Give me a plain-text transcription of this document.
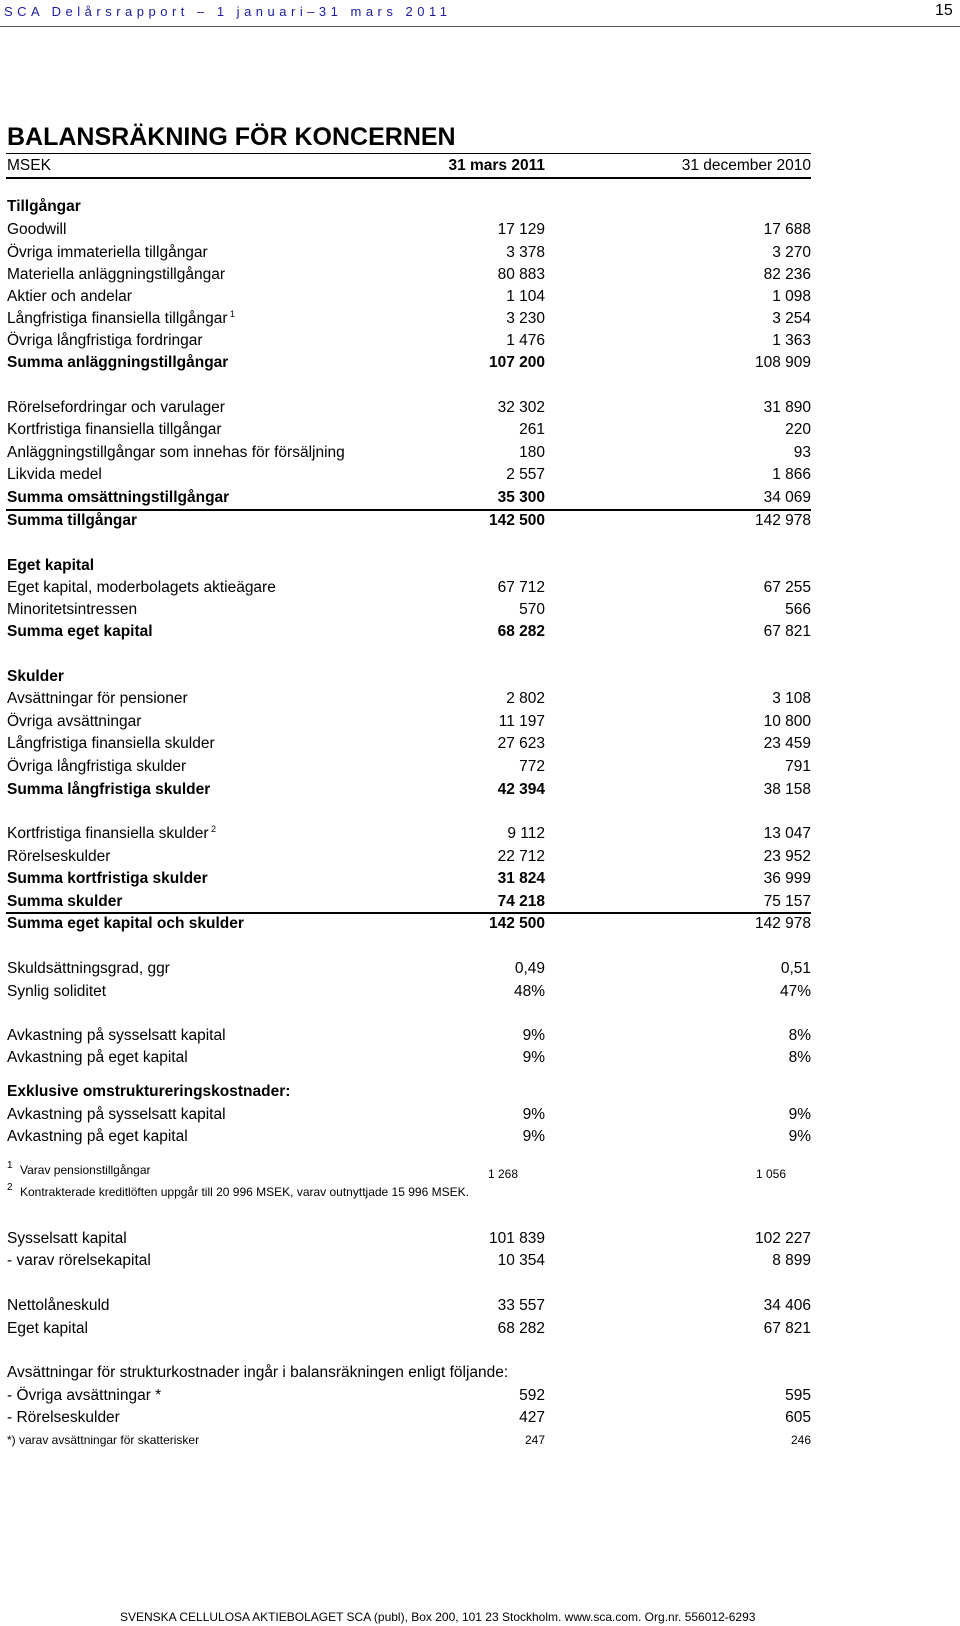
SCA Delårsrapport – 1 januari–31 mars 2011	15
BALANSRÄKNING FÖR KONCERNEN
MSEK	31 mars 2011	31 december 2010
Tillgångar
Goodwill	17 129	17 688
Övriga immateriella tillgångar	3 378	3 270
Materiella anläggningstillgångar	80 883	82 236
Aktier och andelar	1 104	1 098
Långfristiga finansiella tillgångar 1	3 230	3 254
Övriga långfristiga fordringar	1 476	1 363
Summa anläggningstillgångar	107 200	108 909
Rörelsefordringar och varulager	32 302	31 890
Kortfristiga finansiella tillgångar	261	220
Anläggningstillgångar som innehas för försäljning	180	93
Likvida medel	2 557	1 866
Summa omsättningstillgångar	35 300	34 069
Summa tillgångar	142 500	142 978
Eget kapital
Eget kapital, moderbolagets aktieägare	67 712	67 255
Minoritetsintressen	570	566
Summa eget kapital	68 282	67 821
Skulder
Avsättningar för pensioner	2 802	3 108
Övriga avsättningar	11 197	10 800
Långfristiga finansiella skulder	27 623	23 459
Övriga långfristiga skulder	772	791
Summa långfristiga skulder	42 394	38 158
Kortfristiga finansiella skulder 2	9 112	13 047
Rörelseskulder	22 712	23 952
Summa kortfristiga skulder	31 824	36 999
Summa skulder	74 218	75 157
Summa eget kapital och skulder	142 500	142 978
Skuldsättningsgrad, ggr	0,49	0,51
Synlig soliditet	48%	47%
Avkastning på sysselsatt kapital	9%	8%
Avkastning på eget kapital	9%	8%
Exklusive omstruktureringskostnader:
Avkastning på sysselsatt kapital	9%	9%
Avkastning på eget kapital	9%	9%
Sysselsatt kapital	101 839	102 227
- varav rörelsekapital	10 354	8 899
Nettolåneskuld	33 557	34 406
Eget kapital	68 282	67 821
Avsättningar för strukturkostnader ingår i balansräkningen enligt följande:
- Övriga avsättningar *	592	595
- Rörelseskulder	427	605
*) varav avsättningar för skatterisker	247	246
1 Varav pensionstillgångar	1 268	1 056
2 Kontrakterade kreditlöften uppgår till 20 996 MSEK, varav outnyttjade 15 996 MSEK.
SVENSKA CELLULOSA AKTIEBOLAGET SCA (publ), Box 200, 101 23 Stockholm. www.sca.com. Org.nr. 556012-6293
